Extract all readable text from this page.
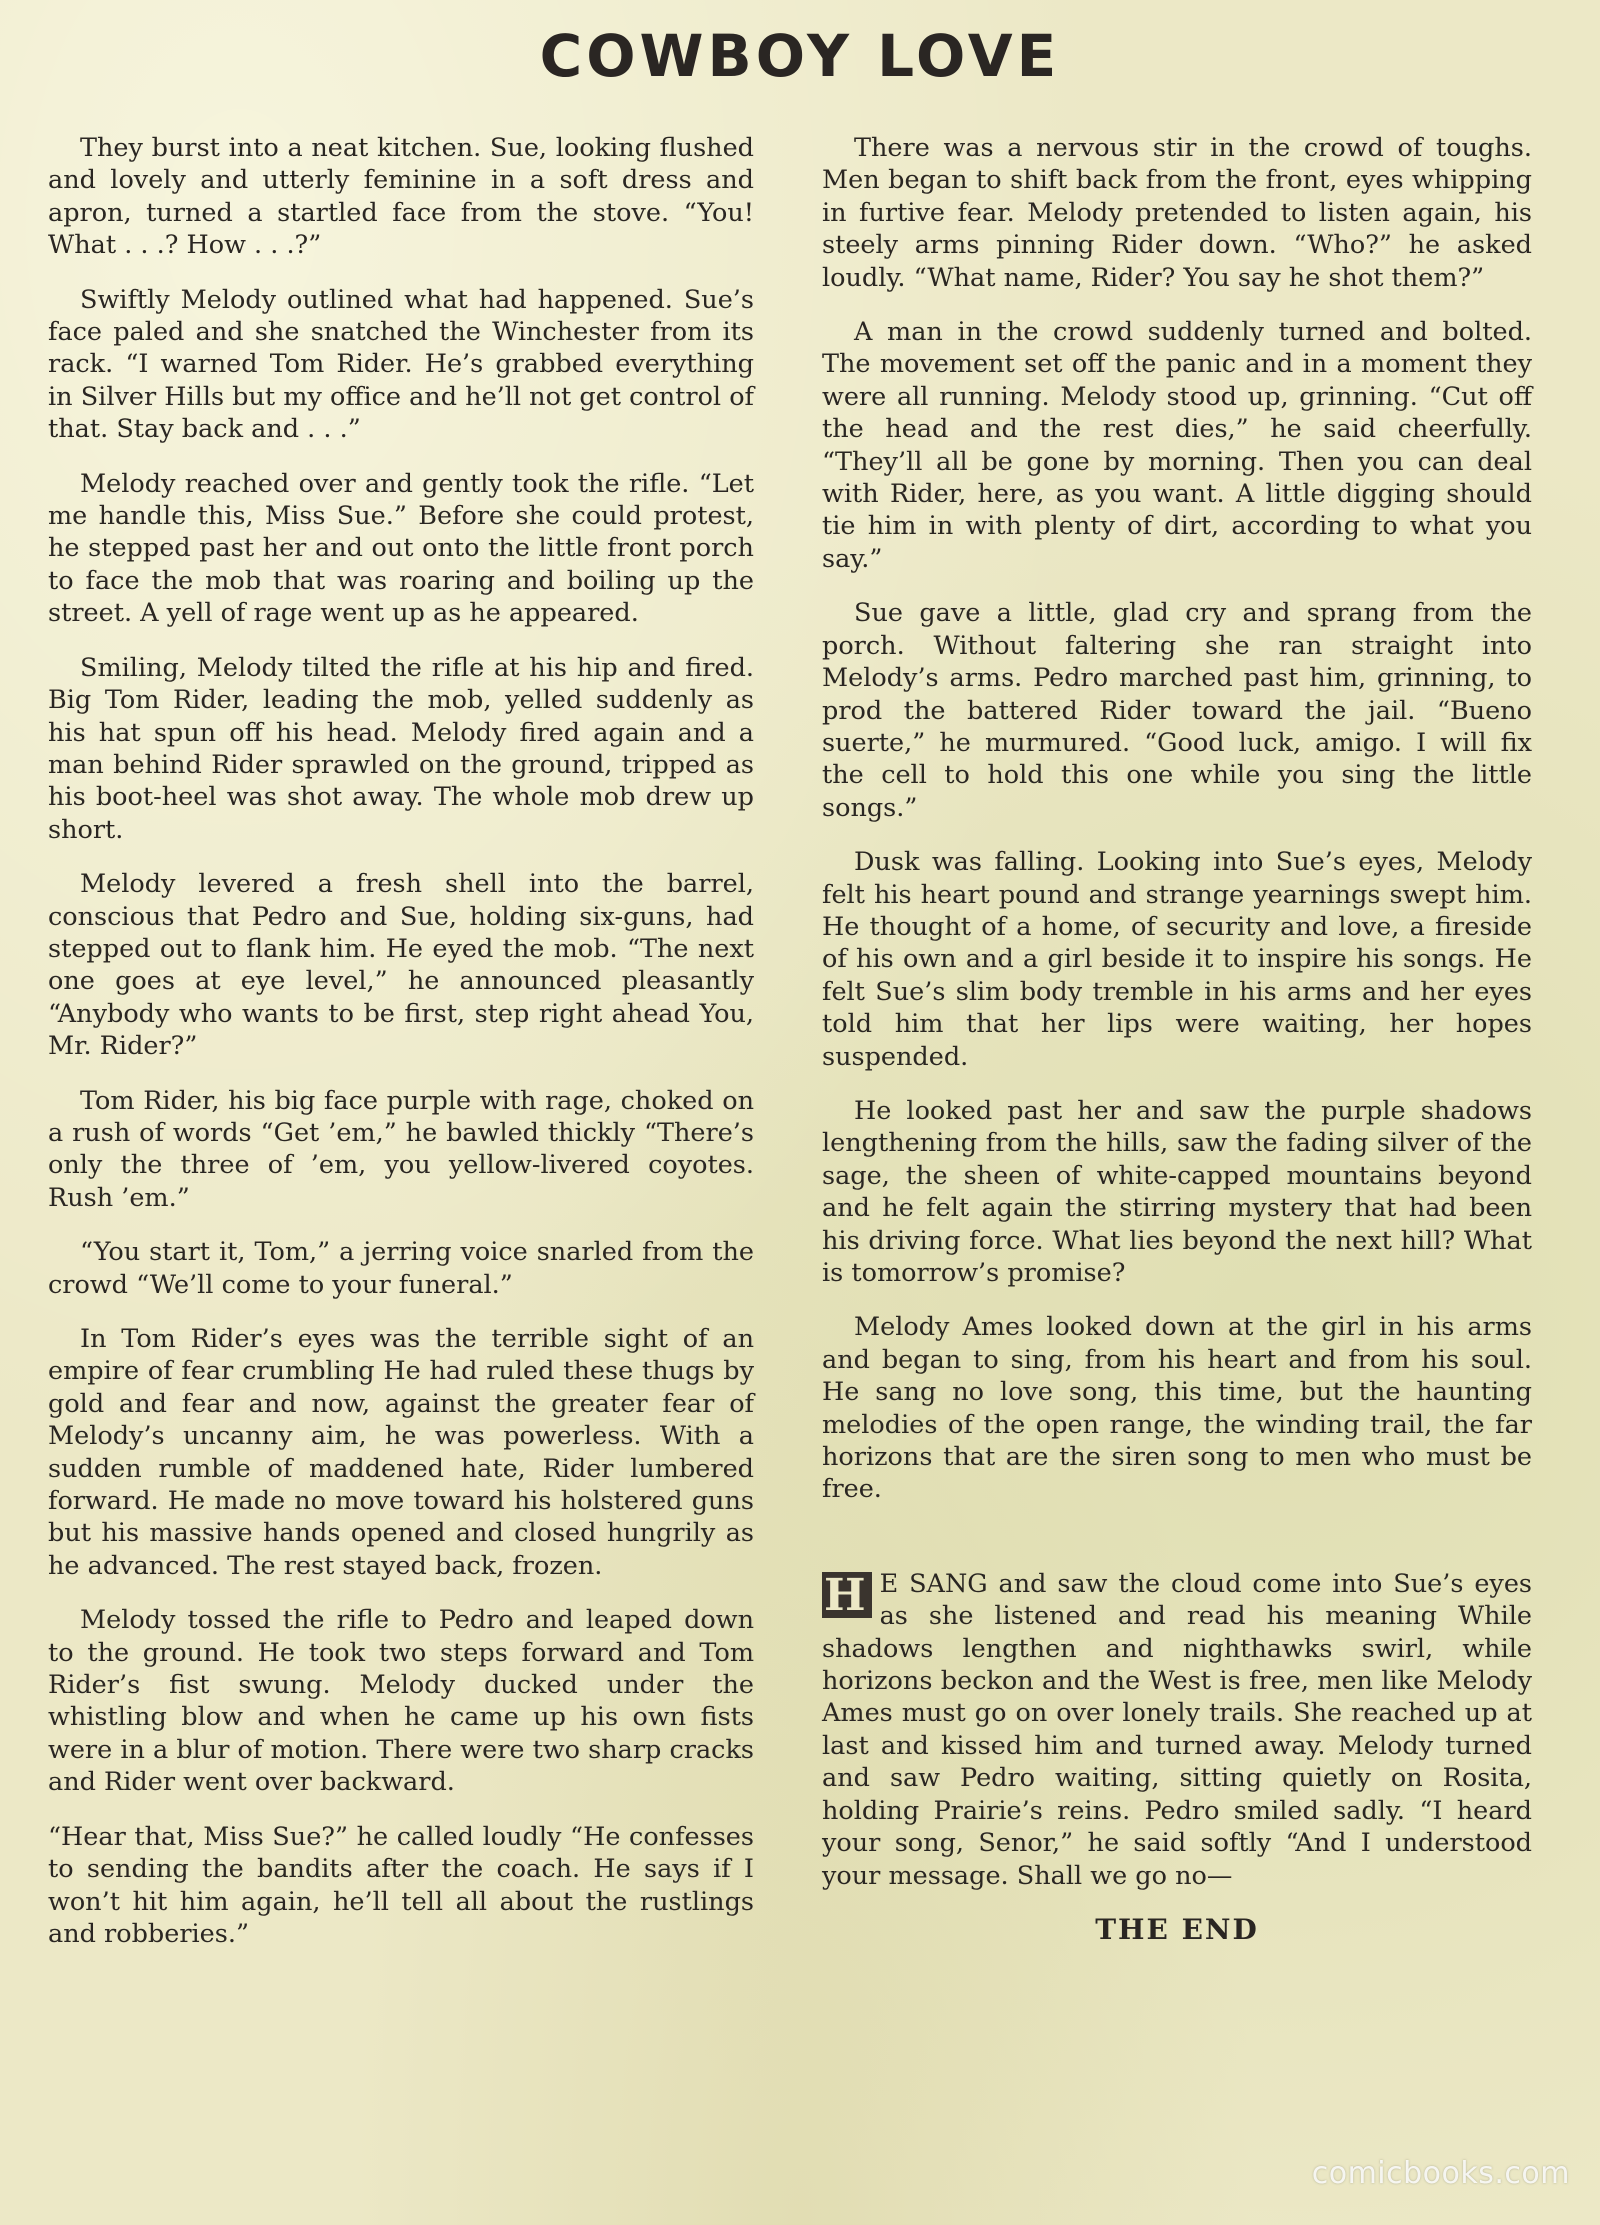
COWBOY LOVE

They burst into a neat kitchen. Sue, looking flushed and lovely and utterly feminine in a soft dress and apron, turned a startled face from the stove. “You! What . . .? How . . .?”

Swiftly Melody outlined what had happened. Sue’s face paled and she snatched the Winchester from its rack. “I warned Tom Rider. He’s grabbed everything in Silver Hills but my office and he’ll not get control of that. Stay back and . . .”

Melody reached over and gently took the rifle. “Let me handle this, Miss Sue.” Before she could protest, he stepped past her and out onto the little front porch to face the mob that was roaring and boiling up the street. A yell of rage went up as he appeared.

Smiling, Melody tilted the rifle at his hip and fired. Big Tom Rider, leading the mob, yelled suddenly as his hat spun off his head. Melody fired again and a man behind Rider sprawled on the ground, tripped as his boot-heel was shot away. The whole mob drew up short.

Melody levered a fresh shell into the barrel, conscious that Pedro and Sue, holding six-guns, had stepped out to flank him. He eyed the mob. “The next one goes at eye level,” he announced pleasantly “Anybody who wants to be first, step right ahead You, Mr. Rider?”

Tom Rider, his big face purple with rage, choked on a rush of words “Get ’em,” he bawled thickly “There’s only the three of ’em, you yellow-livered coyotes. Rush ’em.”

“You start it, Tom,” a jerring voice snarled from the crowd “We’ll come to your funeral.”

In Tom Rider’s eyes was the terrible sight of an empire of fear crumbling He had ruled these thugs by gold and fear and now, against the greater fear of Melody’s uncanny aim, he was powerless. With a sudden rumble of maddened hate, Rider lumbered forward. He made no move toward his holstered guns but his massive hands opened and closed hungrily as he advanced. The rest stayed back, frozen.

Melody tossed the rifle to Pedro and leaped down to the ground. He took two steps forward and Tom Rider’s fist swung. Melody ducked under the whistling blow and when he came up his own fists were in a blur of motion. There were two sharp cracks and Rider went over backward.

“Hear that, Miss Sue?” he called loudly “He confesses to sending the bandits after the coach. He says if I won’t hit him again, he’ll tell all about the rustlings and robberies.”

There was a nervous stir in the crowd of toughs. Men began to shift back from the front, eyes whipping in furtive fear. Melody pretended to listen again, his steely arms pinning Rider down. “Who?” he asked loudly. “What name, Rider? You say he shot them?”

A man in the crowd suddenly turned and bolted. The movement set off the panic and in a moment they were all running. Melody stood up, grinning. “Cut off the head and the rest dies,” he said cheerfully. “They’ll all be gone by morning. Then you can deal with Rider, here, as you want. A little digging should tie him in with plenty of dirt, according to what you say.”

Sue gave a little, glad cry and sprang from the porch. Without faltering she ran straight into Melody’s arms. Pedro marched past him, grinning, to prod the battered Rider toward the jail. “Bueno suerte,” he murmured. “Good luck, amigo. I will fix the cell to hold this one while you sing the little songs.”

Dusk was falling. Looking into Sue’s eyes, Melody felt his heart pound and strange yearnings swept him. He thought of a home, of security and love, a fireside of his own and a girl beside it to inspire his songs. He felt Sue’s slim body tremble in his arms and her eyes told him that her lips were waiting, her hopes suspended.

He looked past her and saw the purple shadows lengthening from the hills, saw the fading silver of the sage, the sheen of white-capped mountains beyond and he felt again the stirring mystery that had been his driving force. What lies beyond the next hill? What is tomorrow’s promise?

Melody Ames looked down at the girl in his arms and began to sing, from his heart and from his soul. He sang no love song, this time, but the haunting melodies of the open range, the winding trail, the far horizons that are the siren song to men who must be free.

H E SANG and saw the cloud come into Sue’s eyes as she listened and read his meaning While shadows lengthen and nighthawks swirl, while horizons beckon and the West is free, men like Melody Ames must go on over lonely trails. She reached up at last and kissed him and turned away. Melody turned and saw Pedro waiting, sitting quietly on Rosita, holding Prairie’s reins. Pedro smiled sadly. “I heard your song, Senor,” he said softly “And I understood your message. Shall we go no—

THE END
comicbooks.com
